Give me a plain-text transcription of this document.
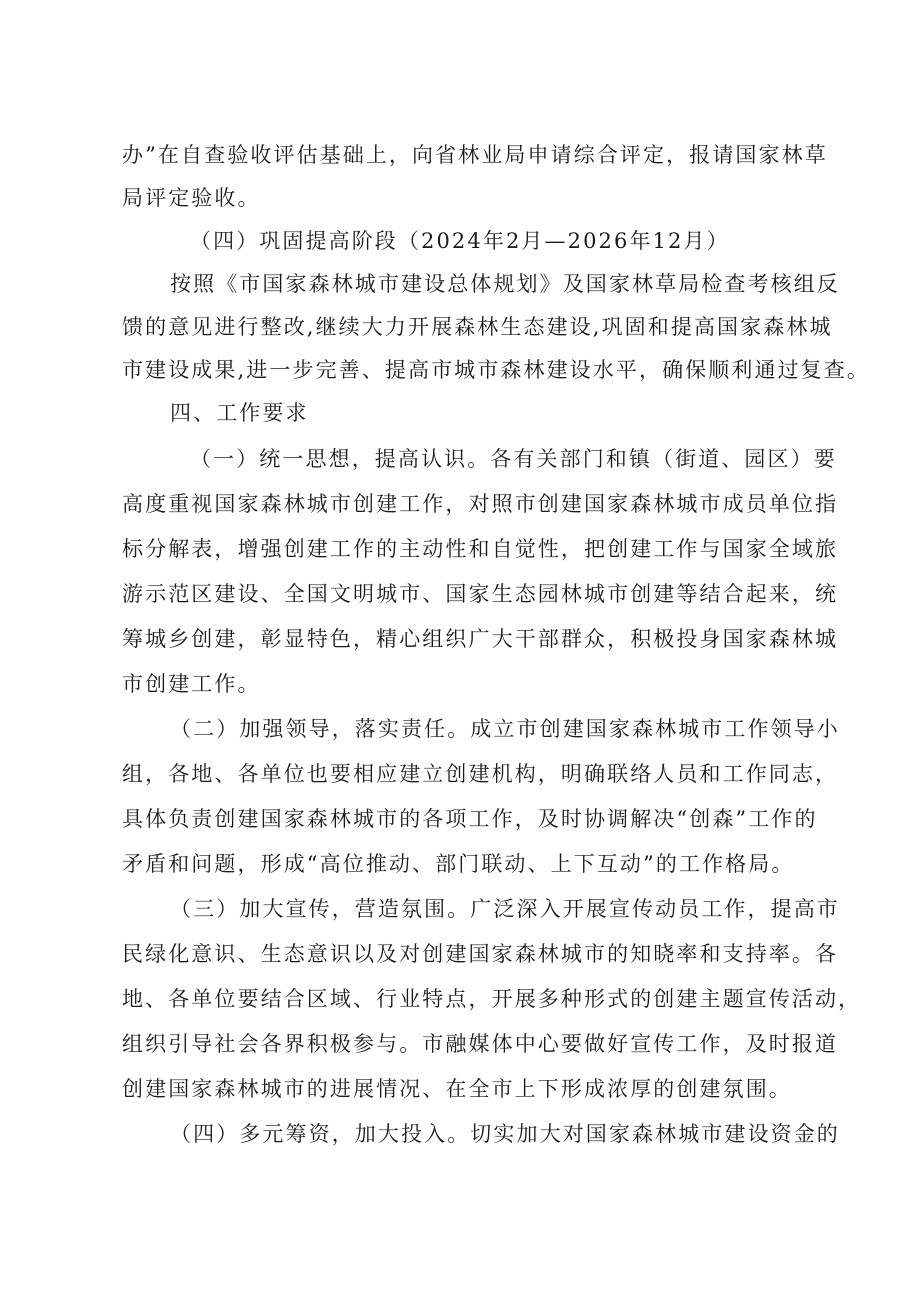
办”在自查验收评估基础上，向省林业局申请综合评定，报请国家林草

局评定验收。

（四）巩固提高阶段（2024年2月—2026年12月）

按照《市国家森林城市建设总体规划》及国家林草局检查考核组反

馈的意见进行整改,继续大力开展森林生态建设,巩固和提高国家森林城

市建设成果,进一步完善、提高市城市森林建设水平，确保顺利通过复查。

四、工作要求

（一）统一思想，提高认识。各有关部门和镇（街道、园区）要

高度重视国家森林城市创建工作，对照市创建国家森林城市成员单位指

标分解表，增强创建工作的主动性和自觉性，把创建工作与国家全域旅

游示范区建设、全国文明城市、国家生态园林城市创建等结合起来，统

筹城乡创建，彰显特色，精心组织广大干部群众，积极投身国家森林城

市创建工作。

（二）加强领导，落实责任。成立市创建国家森林城市工作领导小

组，各地、各单位也要相应建立创建机构，明确联络人员和工作同志，

具体负责创建国家森林城市的各项工作，及时协调解决“创森”工作的

矛盾和问题，形成“高位推动、部门联动、上下互动”的工作格局。

（三）加大宣传，营造氛围。广泛深入开展宣传动员工作，提高市

民绿化意识、生态意识以及对创建国家森林城市的知晓率和支持率。各

地、各单位要结合区域、行业特点，开展多种形式的创建主题宣传活动，

组织引导社会各界积极参与。市融媒体中心要做好宣传工作，及时报道

创建国家森林城市的进展情况、在全市上下形成浓厚的创建氛围。

（四）多元筹资，加大投入。切实加大对国家森林城市建设资金的
